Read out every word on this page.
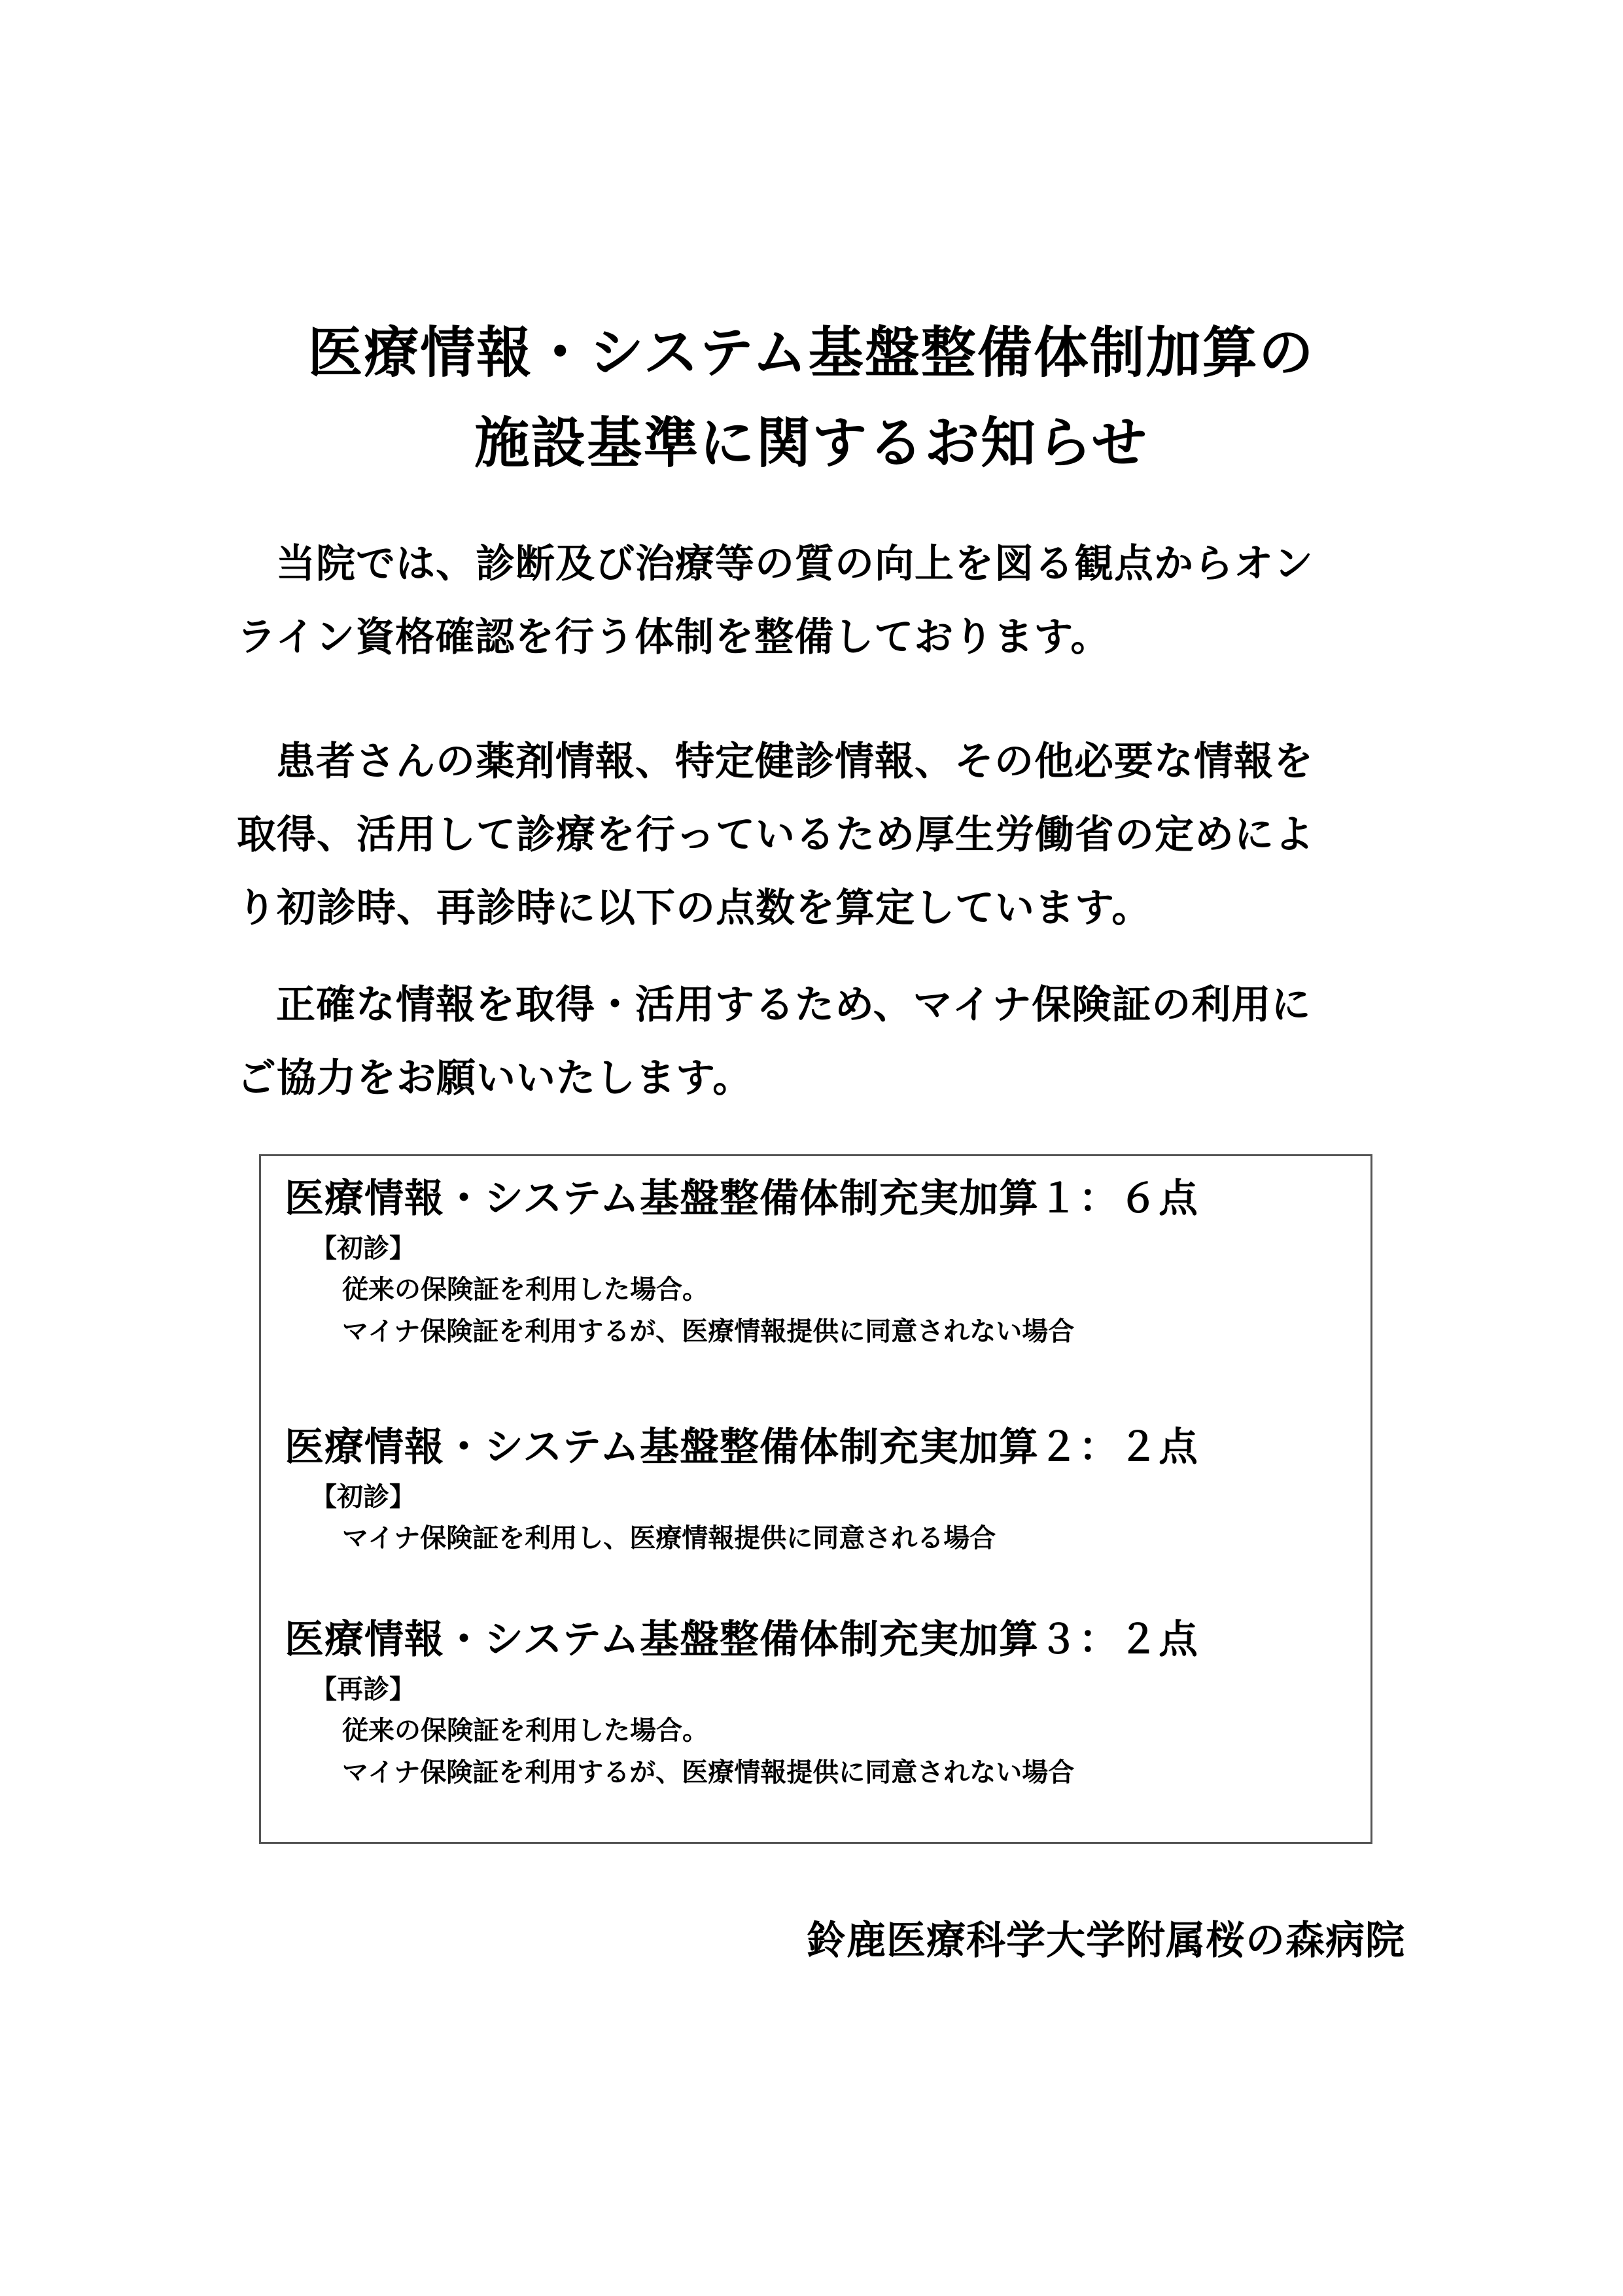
医療情報・システム基盤整備体制加算の
施設基準に関するお知らせ
当院では、診断及び治療等の質の向上を図る観点からオン
ライン資格確認を行う体制を整備しております。
患者さんの薬剤情報、特定健診情報、その他必要な情報を
取得、活用して診療を行っているため厚生労働省の定めによ
り初診時、再診時に以下の点数を算定しています。
正確な情報を取得・活用するため、マイナ保険証の利用に
ご協力をお願いいたします。
医療情報・システム基盤整備体制充実加算１：６点
【初診】
従来の保険証を利用した場合。
マイナ保険証を利用するが、医療情報提供に同意されない場合
医療情報・システム基盤整備体制充実加算２：２点
【初診】
マイナ保険証を利用し、医療情報提供に同意される場合
医療情報・システム基盤整備体制充実加算３：２点
【再診】
従来の保険証を利用した場合。
マイナ保険証を利用するが、医療情報提供に同意されない場合
鈴鹿医療科学大学附属桜の森病院
